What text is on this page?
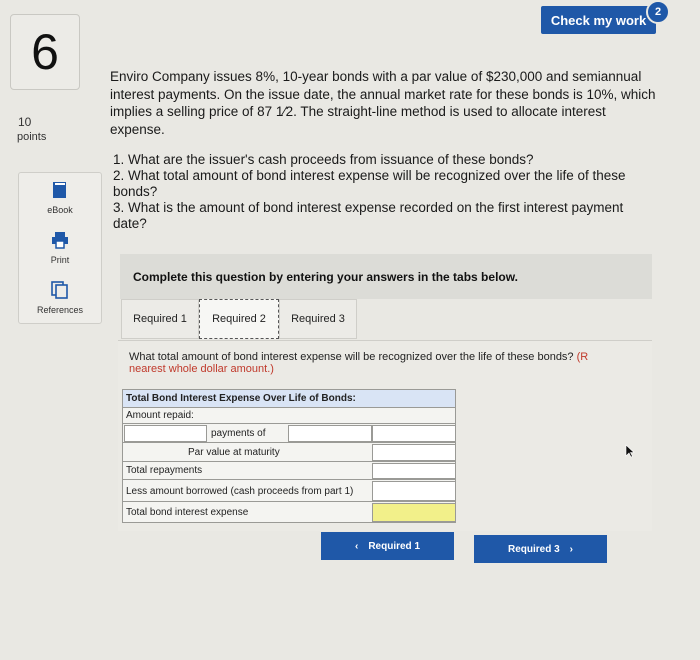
Check my work
2
6
10
points
eBook
Print
References
Enviro Company issues 8%, 10-year bonds with a par value of $230,000 and semiannual interest payments. On the issue date, the annual market rate for these bonds is 10%, which implies a selling price of 87 1⁄2. The straight-line method is used to allocate interest expense.
1. What are the issuer's cash proceeds from issuance of these bonds?
2. What total amount of bond interest expense will be recognized over the life of these bonds?
3. What is the amount of bond interest expense recorded on the first interest payment date?
Complete this question by entering your answers in the tabs below.
Required 1	Required 2	Required 3
What total amount of bond interest expense will be recognized over the life of these bonds? (R
nearest whole dollar amount.)
Total Bond Interest Expense Over Life of Bonds:
Amount repaid:
payments of
Par value at maturity
Total repayments
Less amount borrowed (cash proceeds from part 1)
Total bond interest expense
‹ Required 1	Required 3 ›
